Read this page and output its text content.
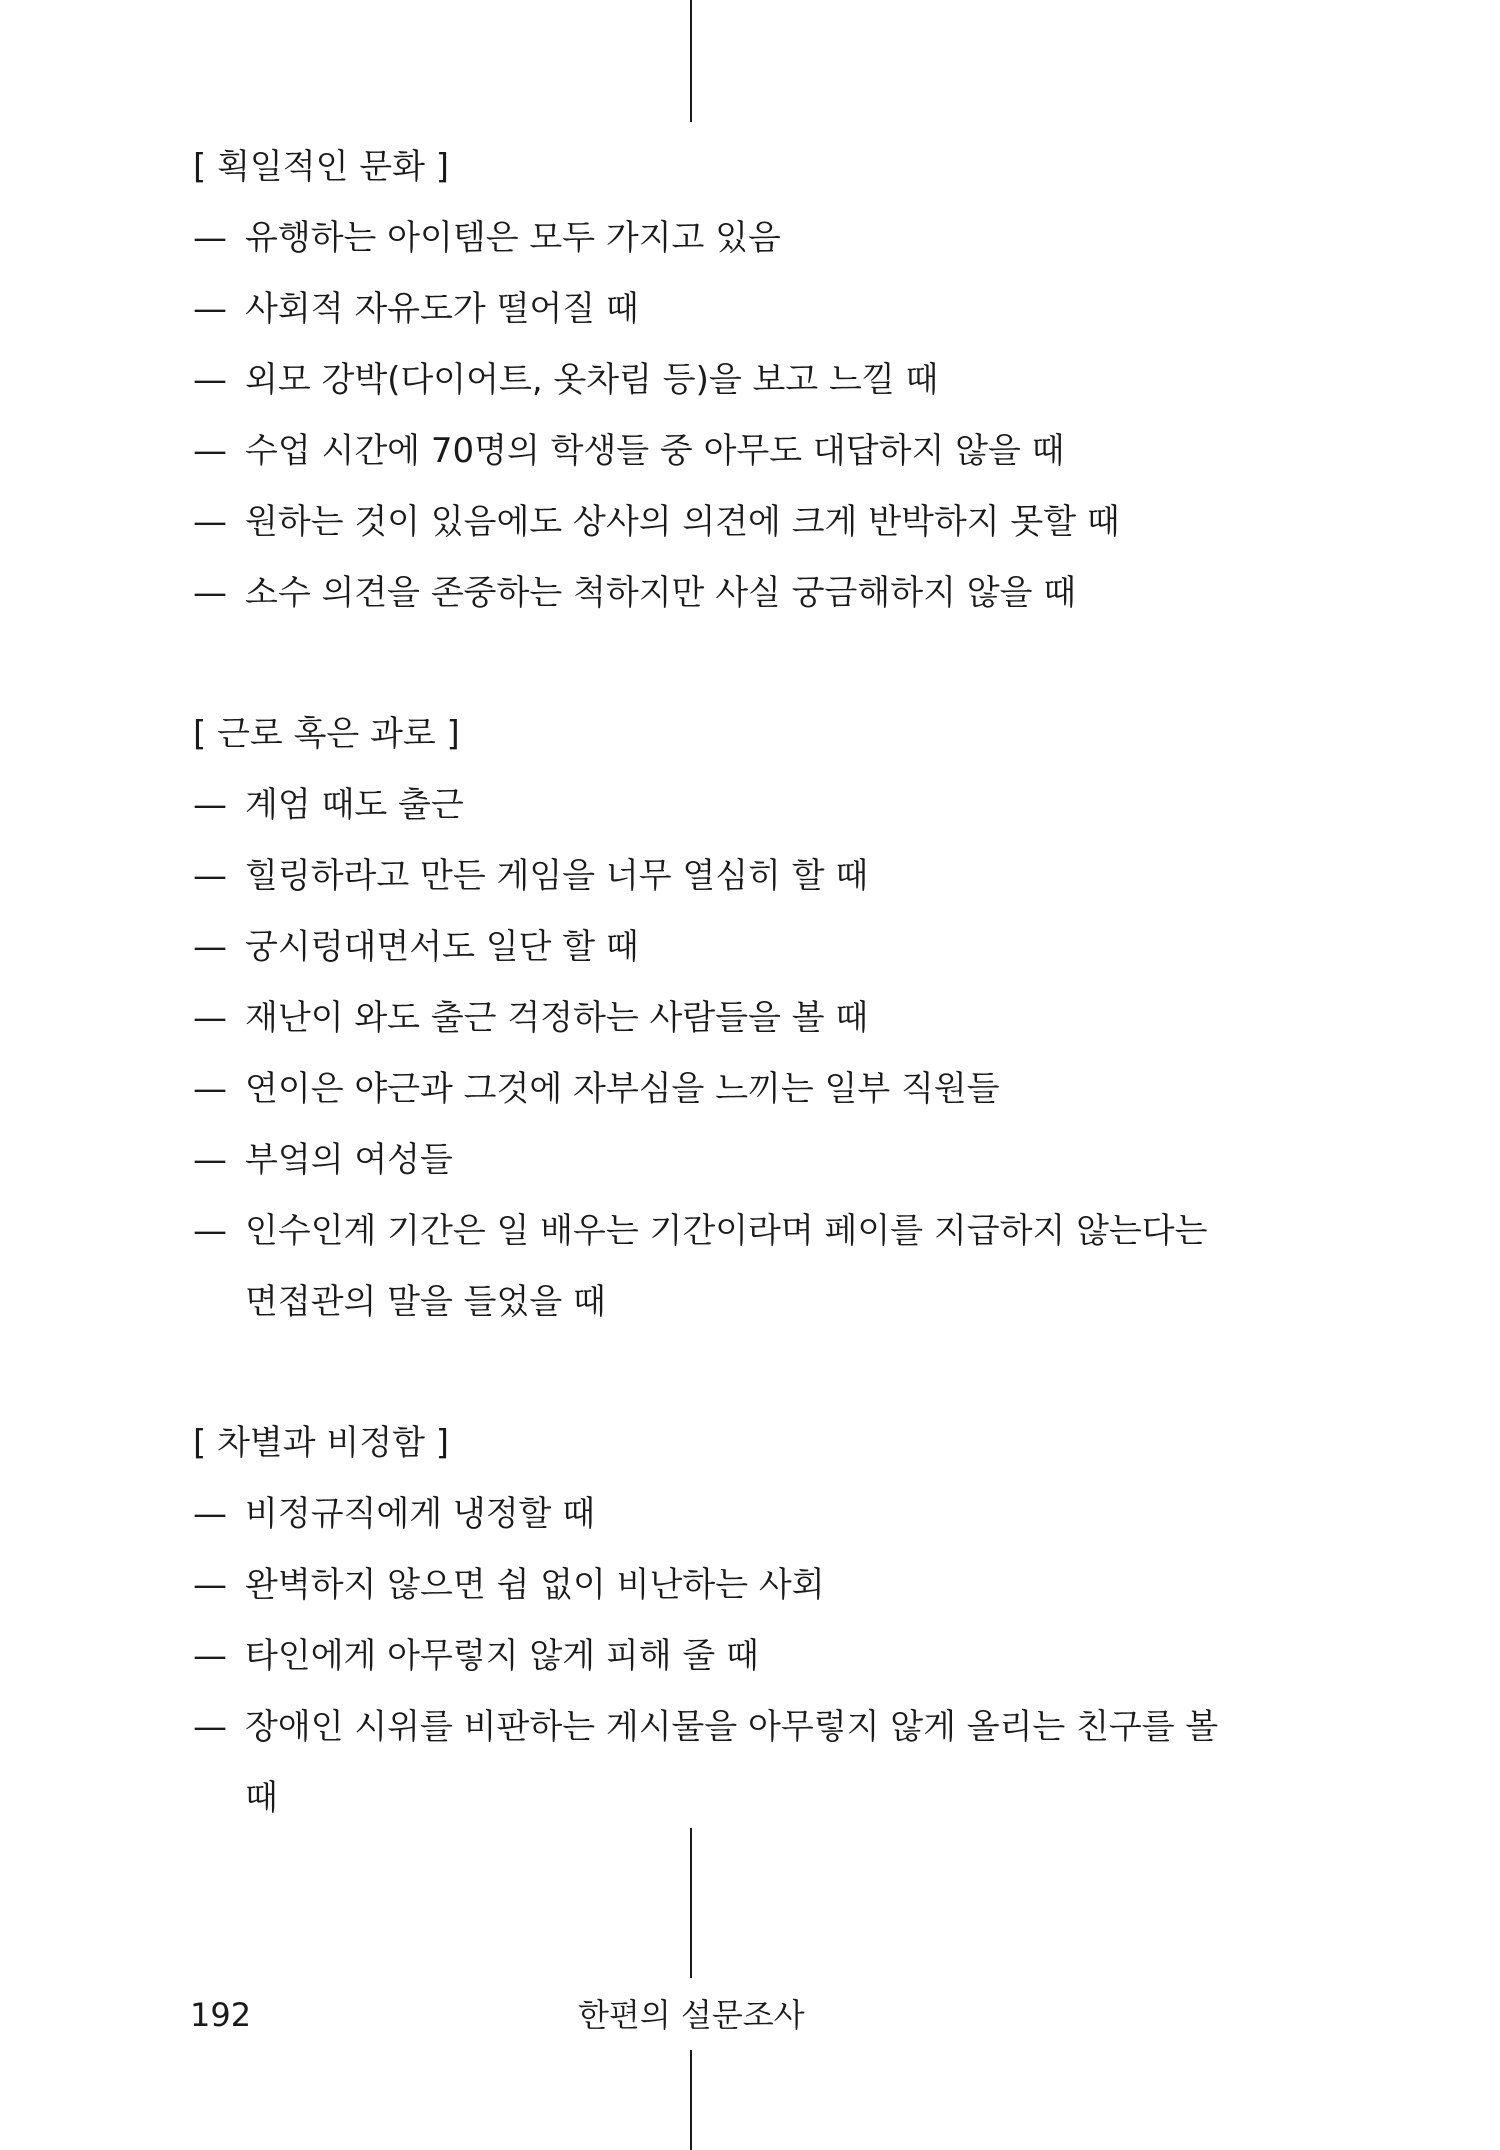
[ 획일적인 문화 ]
— 유행하는 아이템은 모두 가지고 있음
— 사회적 자유도가 떨어질 때
— 외모 강박(다이어트, 옷차림 등)을 보고 느낄 때
— 수업 시간에 70명의 학생들 중 아무도 대답하지 않을 때
— 원하는 것이 있음에도 상사의 의견에 크게 반박하지 못할 때
— 소수 의견을 존중하는 척하지만 사실 궁금해하지 않을 때
[ 근로 혹은 과로 ]
— 계엄 때도 출근
— 힐링하라고 만든 게임을 너무 열심히 할 때
— 궁시렁대면서도 일단 할 때
— 재난이 와도 출근 걱정하는 사람들을 볼 때
— 연이은 야근과 그것에 자부심을 느끼는 일부 직원들
— 부엌의 여성들
— 인수인계 기간은 일 배우는 기간이라며 페이를 지급하지 않는다는 면접관의 말을 들었을 때
[ 차별과 비정함 ]
— 비정규직에게 냉정할 때
— 완벽하지 않으면 쉼 없이 비난하는 사회
— 타인에게 아무렇지 않게 피해 줄 때
— 장애인 시위를 비판하는 게시물을 아무렇지 않게 올리는 친구를 볼 때
192	한편의 설문조사
